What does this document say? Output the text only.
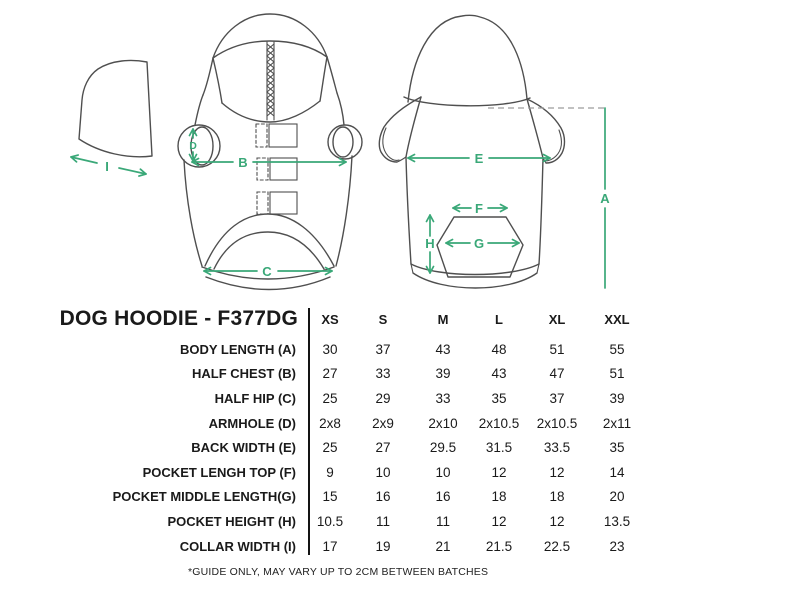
I
D
B
C
E
F
G
H
A
DOG HOODIE - F377DG	XS	S	M	L	XL	XXL
BODY LENGTH (A)	30	37	43	48	51	55
HALF CHEST (B)	27	33	39	43	47	51
HALF HIP (C)	25	29	33	35	37	39
ARMHOLE (D)	2x8	2x9	2x10	2x10.5	2x10.5	2x11
BACK WIDTH (E)	25	27	29.5	31.5	33.5	35
POCKET LENGH TOP (F)	9	10	10	12	12	14
POCKET MIDDLE LENGTH(G)	15	16	16	18	18	20
POCKET HEIGHT (H)	10.5	11	11	12	12	13.5
COLLAR WIDTH (I)	17	19	21	21.5	22.5	23
*GUIDE ONLY, MAY VARY UP TO 2CM BETWEEN BATCHES
